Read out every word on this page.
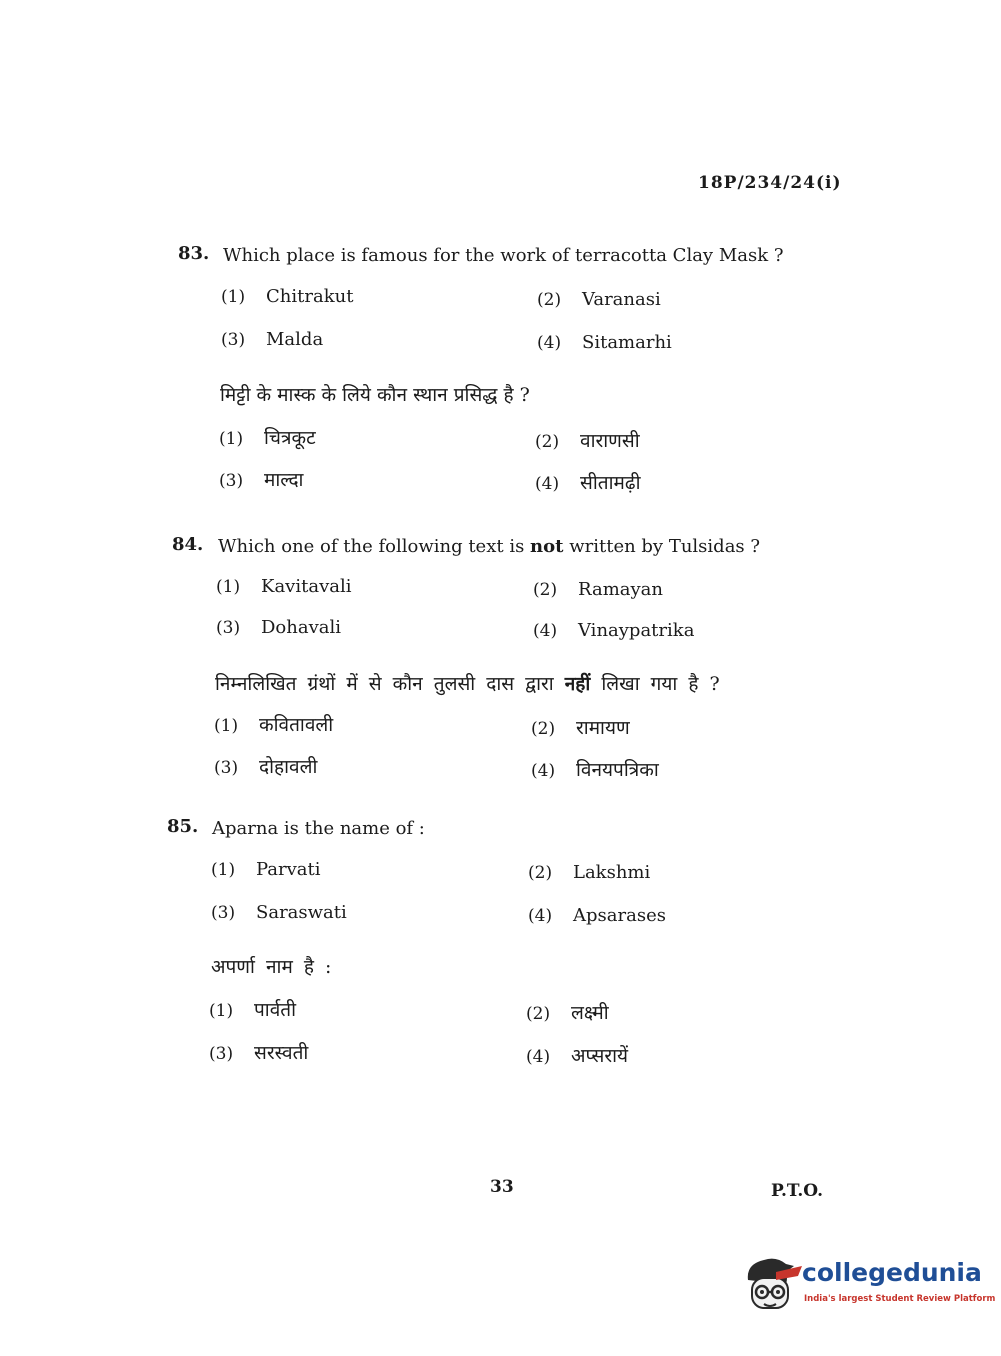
18P/234/24(i)
83. Which place is famous for the work of terracotta Clay Mask ?
(1) Chitrakut	(2) Varanasi
(3) Malda	(4) Sitamarhi
मिट्टी के मास्क के लिये कौन स्थान प्रसिद्ध है ?
(1) चित्रकूट	(2) वाराणसी
(3) माल्दा	(4) सीतामढ़ी
84. Which one of the following text is not written by Tulsidas ?
(1) Kavitavali	(2) Ramayan
(3) Dohavali	(4) Vinaypatrika
निम्नलिखित ग्रंथों में से कौन तुलसी दास द्वारा नहीं लिखा गया है ?
(1) कवितावली	(2) रामायण
(3) दोहावली	(4) विनयपत्रिका
85. Aparna is the name of :
(1) Parvati	(2) Lakshmi
(3) Saraswati	(4) Apsarases
अपर्णा नाम है :
(1) पार्वती	(2) लक्ष्मी
(3) सरस्वती	(4) अप्सरायें
33	P.T.O.
collegedunia
India's largest Student Review Platform
